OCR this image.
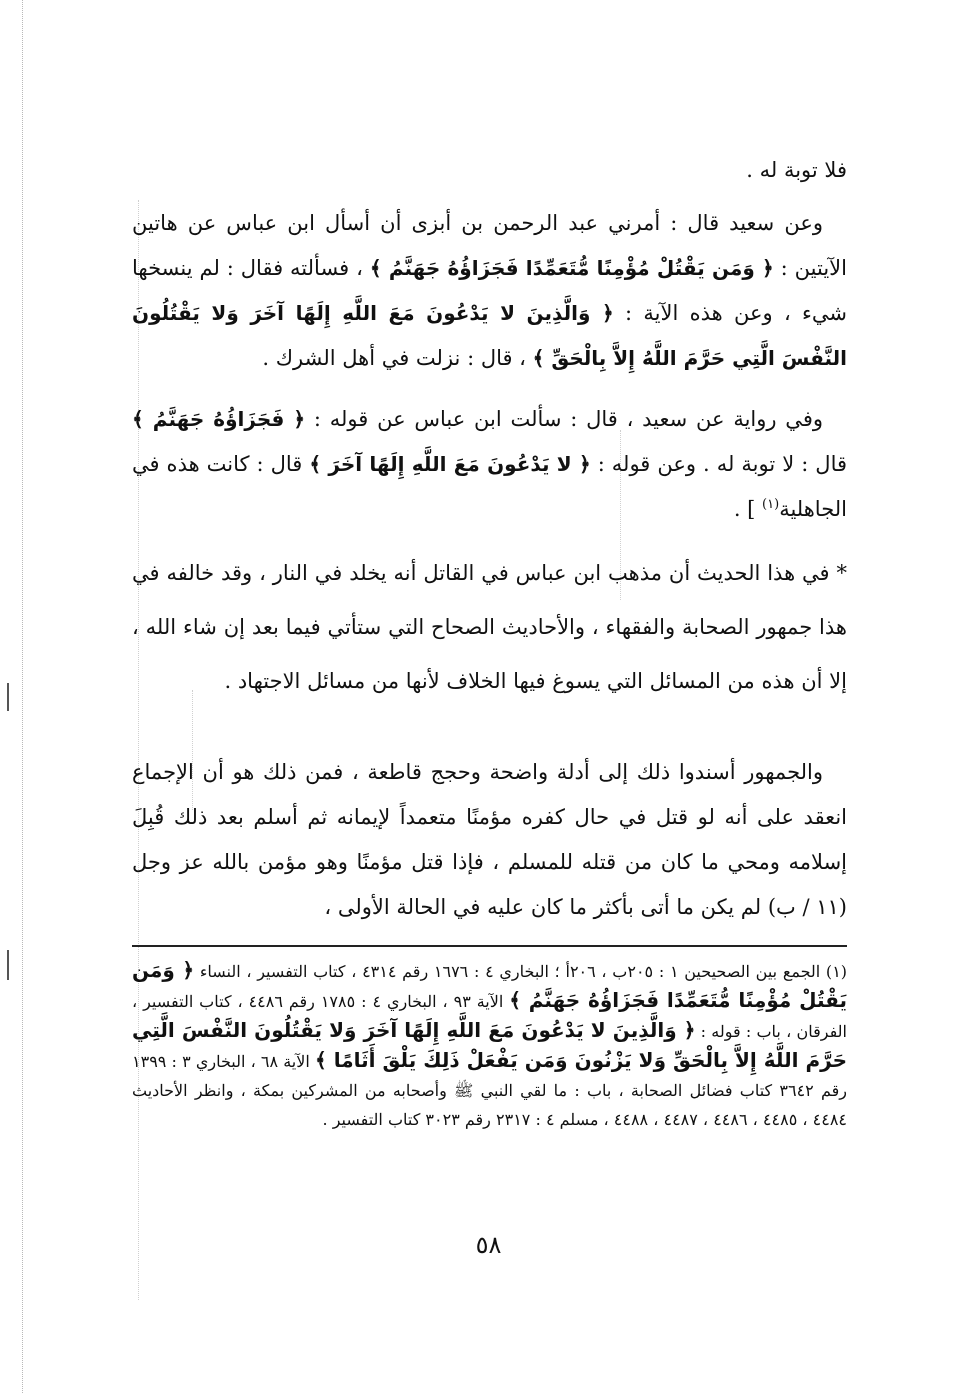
فلا توبة له .

وعن سعيد قال : أمرني عبد الرحمن بن أبزى أن أسأل ابن عباس عن هاتين الآيتين : ﴿ وَمَن يَقْتُلْ مُؤْمِنًا مُّتَعَمِّدًا فَجَزَاؤُهُ جَهَنَّمُ ﴾ ، فسألته فقال : لم ينسخها شيء ، وعن هذه الآية : ﴿ وَالَّذِينَ لا يَدْعُونَ مَعَ اللَّهِ إِلَهًا آخَرَ وَلا يَقْتُلُونَ النَّفْسَ الَّتِي حَرَّمَ اللَّهُ إِلاَّ بِالْحَقِّ ﴾ ، قال : نزلت في أهل الشرك .

وفي رواية عن سعيد ، قال : سألت ابن عباس عن قوله : ﴿ فَجَزَاؤُهُ جَهَنَّمُ ﴾ قال : لا توبة له . وعن قوله : ﴿ لا يَدْعُونَ مَعَ اللَّهِ إِلَهًا آخَرَ ﴾ قال : كانت هذه في الجاهلية$^{(١)}$ ] .

* في هذا الحديث أن مذهب ابن عباس في القاتل أنه يخلد في النار ، وقد خالفه في هذا جمهور الصحابة والفقهاء ، والأحاديث الصحاح التي ستأتي فيما بعد إن شاء الله ، إلا أن هذه من المسائل التي يسوغ فيها الخلاف لأنها من مسائل الاجتهاد .

والجمهور أسندوا ذلك إلى أدلة واضحة وحجج قاطعة ، فمن ذلك هو أن الإجماع انعقد على أنه لو قتل في حال كفره مؤمنًا متعمداً لإيمانه ثم أسلم بعد ذلك قُبِلَ إسلامه ومحي ما كان من قتله للمسلم ، فإذا قتل مؤمنًا وهو مؤمن بالله عز وجل (١١ / ب) لم يكن ما أتى بأكثر ما كان عليه في الحالة الأولى ،

(١) الجمع بين الصحيحين ١ : ٢٠٥ب ، ٢٠٦أ ؛ البخاري ٤ : ١٦٧٦ رقم ٤٣١٤ ، كتاب التفسير ، النساء ﴿ وَمَن يَقْتُلْ مُؤْمِنًا مُّتَعَمِّدًا فَجَزَاؤُهُ جَهَنَّمُ ﴾ الآية ٩٣ ، البخاري ٤ : ١٧٨٥ رقم ٤٤٨٦ ، كتاب التفسير ، الفرقان ، باب : قوله : ﴿ وَالَّذِينَ لا يَدْعُونَ مَعَ اللَّهِ إِلَهًا آخَرَ وَلا يَقْتُلُونَ النَّفْسَ الَّتِي حَرَّمَ اللَّهُ إِلاَّ بِالْحَقِّ وَلا يَزْنُونَ وَمَن يَفْعَلْ ذَلِكَ يَلْقَ أَثَامًا ﴾ الآية ٦٨ ، البخاري ٣ : ١٣٩٩ رقم ٣٦٤٢ كتاب فضائل الصحابة ، باب : ما لقي النبي ﷺ وأصحابه من المشركين بمكة ، وانظر الأحاديث ٤٤٨٤ ، ٤٤٨٥ ، ٤٤٨٦ ، ٤٤٨٧ ، ٤٤٨٨ ، مسلم ٤ : ٢٣١٧ رقم ٣٠٢٣ كتاب التفسير .

٥٨
